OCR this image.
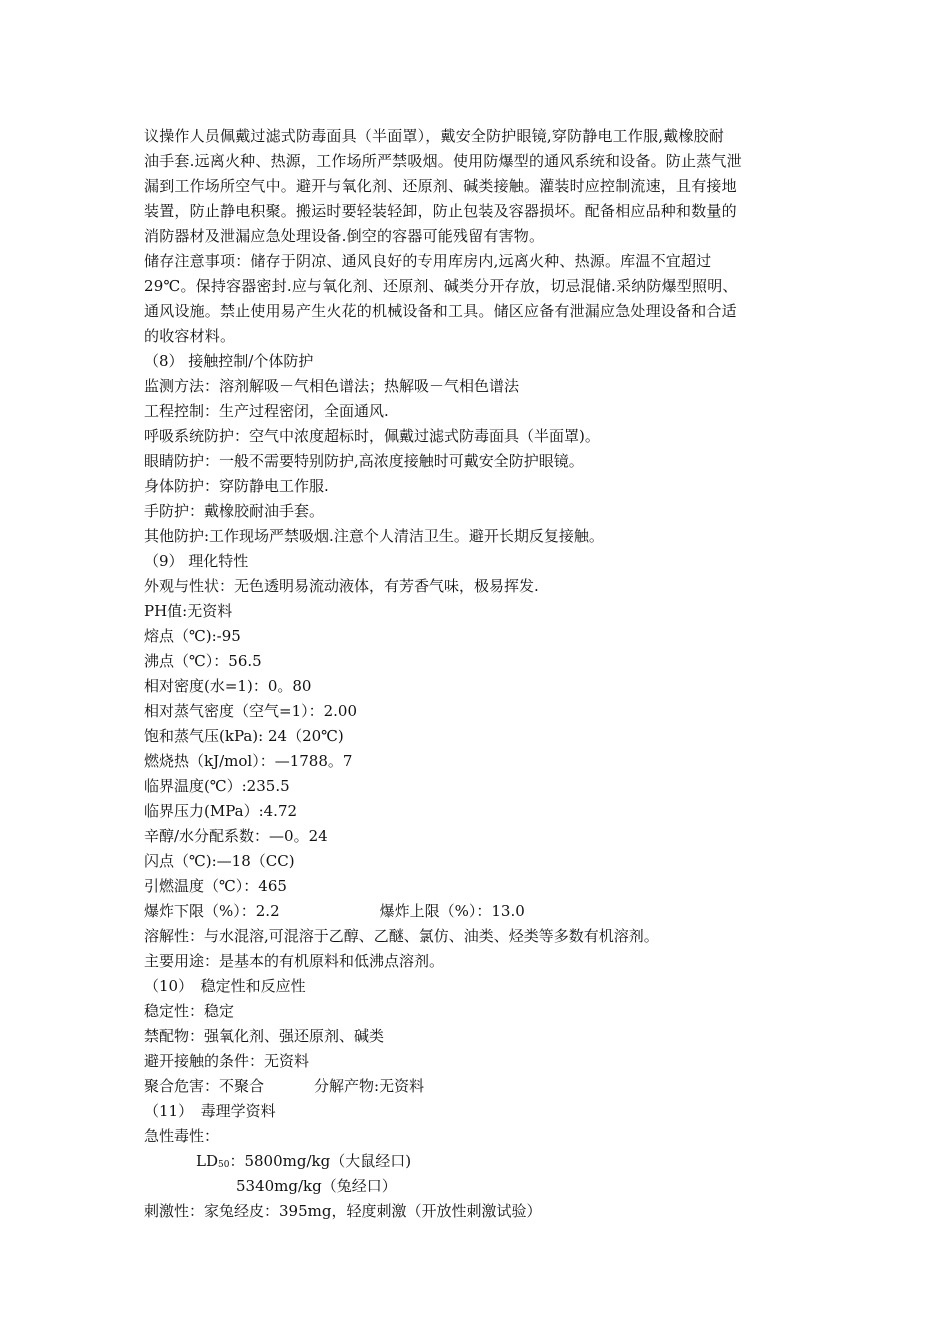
议操作人员佩戴过滤式防毒面具（半面罩），戴安全防护眼镜,穿防静电工作服,戴橡胶耐
油手套.远离火种、热源，工作场所严禁吸烟。使用防爆型的通风系统和设备。防止蒸气泄
漏到工作场所空气中。避开与氧化剂、还原剂、碱类接触。灌装时应控制流速，且有接地
装置，防止静电积聚。搬运时要轻装轻卸，防止包装及容器损坏。配备相应品种和数量的
消防器材及泄漏应急处理设备.倒空的容器可能残留有害物。
储存注意事项：储存于阴凉、通风良好的专用库房内,远离火种、热源。库温不宜超过
29℃。保持容器密封.应与氧化剂、还原剂、碱类分开存放，切忌混储.采纳防爆型照明、
通风设施。禁止使用易产生火花的机械设备和工具。储区应备有泄漏应急处理设备和合适
的收容材料。
（8） 接触控制/个体防护
监测方法：溶剂解吸－气相色谱法；热解吸－气相色谱法
工程控制：生产过程密闭，全面通风.
呼吸系统防护：空气中浓度超标时，佩戴过滤式防毒面具（半面罩)。
眼睛防护：一般不需要特别防护,高浓度接触时可戴安全防护眼镜。
身体防护：穿防静电工作服.
手防护：戴橡胶耐油手套。
其他防护:工作现场严禁吸烟.注意个人清洁卫生。避开长期反复接触。
（9） 理化特性
外观与性状：无色透明易流动液体，有芳香气味，极易挥发.
PH值:无资料
熔点（℃):-95
沸点（℃）：56.5
相对密度(水=1)：0。80
相对蒸气密度（空气=1）：2.00
饱和蒸气压(kPa): 24（20℃)
燃烧热（kJ/mol）：—1788。7
临界温度(℃）:235.5
临界压力(MPa）:4.72
辛醇/水分配系数：—0。24
闪点（℃):—18（CC)
引燃温度（℃）：465
爆炸下限（%）：2.2	爆炸上限（%）：13.0
溶解性：与水混溶,可混溶于乙醇、乙醚、氯仿、油类、烃类等多数有机溶剂。
主要用途：是基本的有机原料和低沸点溶剂。
（10）　稳定性和反应性
稳定性：稳定
禁配物：强氧化剂、强还原剂、碱类
避开接触的条件：无资料
聚合危害：不聚合	分解产物:无资料
（11）　毒理学资料
急性毒性：
$LD_{50}$：5800mg/kg（大鼠经口)
5340mg/kg（兔经口）
刺激性：家兔经皮：395mg，轻度刺激（开放性刺激试验）
